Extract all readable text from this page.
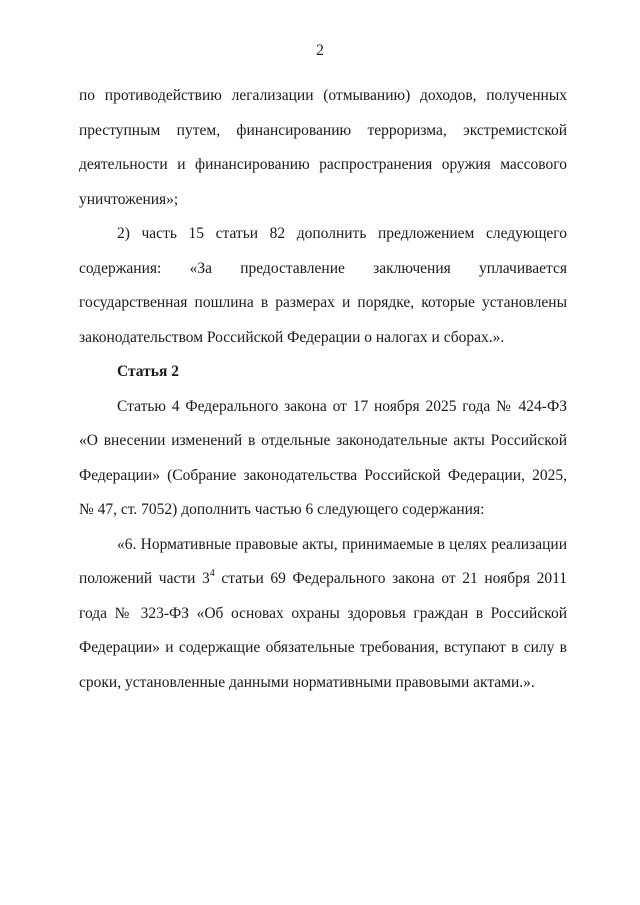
2

по противодействию легализации (отмыванию) доходов, полученных преступным путем, финансированию терроризма, экстремистской деятельности и финансированию распространения оружия массового уничтожения»;

2) часть 15 статьи 82 дополнить предложением следующего содержания: «За предоставление заключения уплачивается государственная пошлина в размерах и порядке, которые установлены законодательством Российской Федерации о налогах и сборах.».

Статья 2

Статью 4 Федерального закона от 17 ноября 2025 года № 424-ФЗ «О внесении изменений в отдельные законодательные акты Российской Федерации» (Собрание законодательства Российской Федерации, 2025, № 47, ст. 7052) дополнить частью 6 следующего содержания:

«6. Нормативные правовые акты, принимаемые в целях реализации положений части $3^4$ статьи 69 Федерального закона от 21 ноября 2011 года № 323-ФЗ «Об основах охраны здоровья граждан в Российской Федерации» и содержащие обязательные требования, вступают в силу в сроки, установленные данными нормативными правовыми актами.».
